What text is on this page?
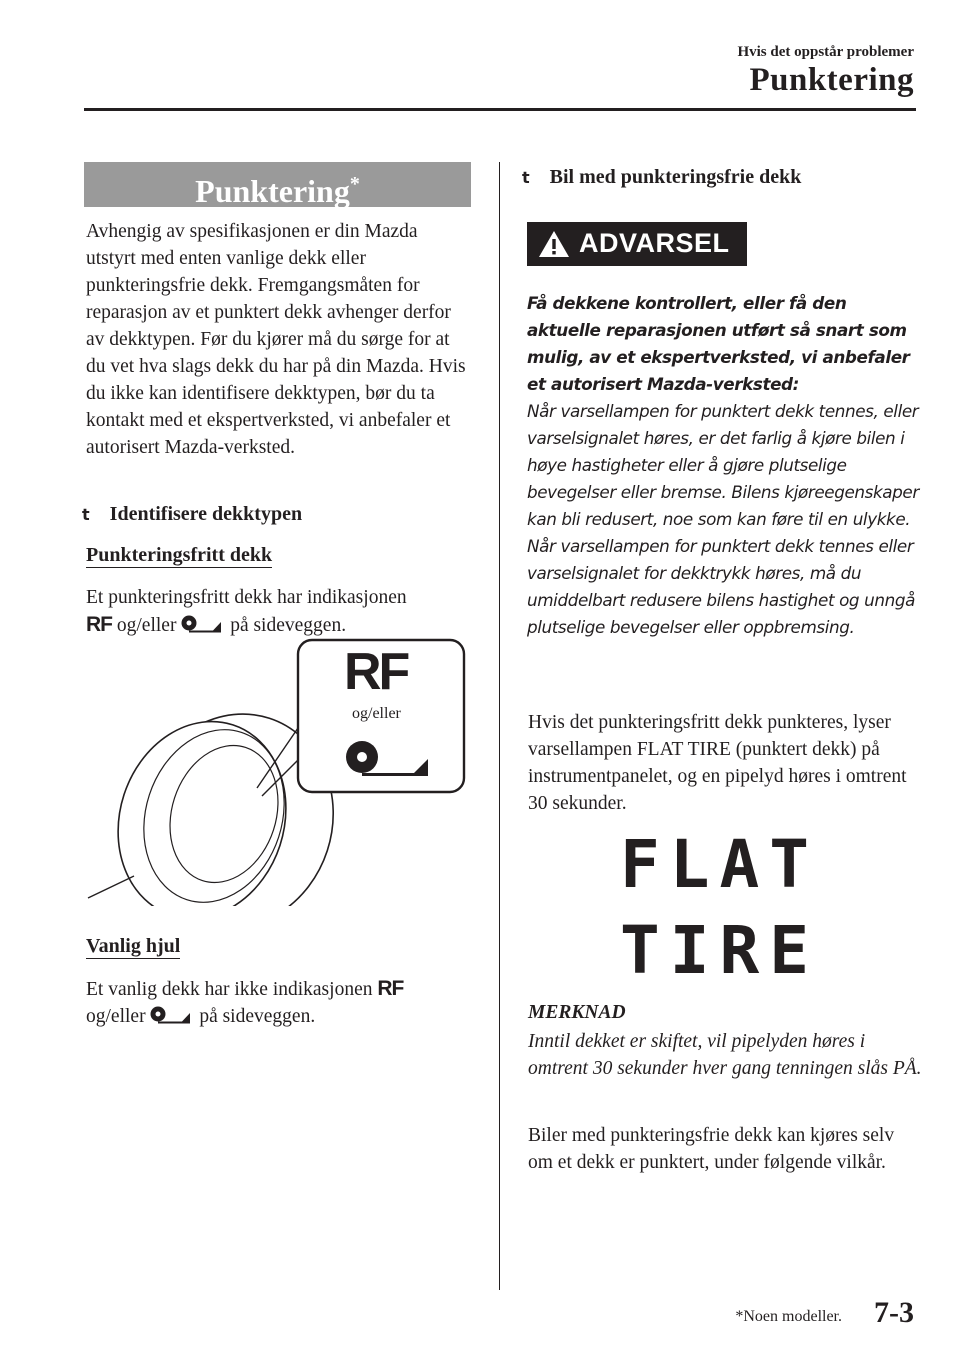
Hvis det oppstår problemer
Punktering
Punktering*
Avhengig av spesifikasjonen er din Mazda utstyrt med enten vanlige dekk eller punkteringsfrie dekk. Fremgangsmåten for reparasjon av et punktert dekk avhenger derfor av dekktypen. Før du kjører må du sørge for at du vet hva slags dekk du har på din Mazda. Hvis du ikke kan identifisere dekktypen, bør du ta kontakt med et ekspertverksted, vi anbefaler et autorisert Mazda-verksted.
t Identifisere dekktypen
Punkteringsfritt dekk
Et punkteringsfritt dekk har indikasjonen
RF og/eller	på sideveggen.
RF
og/eller
Vanlig hjul
Et vanlig dekk har ikke indikasjonen RF
og/eller	på sideveggen.
t Bil med punkteringsfrie dekk
ADVARSEL
Få dekkene kontrollert, eller få den aktuelle reparasjonen utført så snart som mulig, av et ekspertverksted, vi anbefaler et autorisert Mazda-verksted:
Når varsellampen for punktert dekk tennes, eller varselsignalet høres, er det farlig å kjøre bilen i høye hastigheter eller å gjøre plutselige bevegelser eller bremse. Bilens kjøreegenskaper kan bli redusert, noe som kan føre til en ulykke.
Når varsellampen for punktert dekk tennes eller varselsignalet for dekktrykk høres, må du umiddelbart redusere bilens hastighet og unngå plutselige bevegelser eller oppbremsing.
Hvis det punkteringsfritt dekk punkteres, lyser varsellampen FLAT TIRE (punktert dekk) på instrumentpanelet, og en pipelyd høres i omtrent 30 sekunder.
FLAT
TIRE
MERKNAD
Inntil dekket er skiftet, vil pipelyden høres i omtrent 30 sekunder hver gang tenningen slås PÅ.
Biler med punkteringsfrie dekk kan kjøres selv om et dekk er punktert, under følgende vilkår.
*Noen modeller. 7-3
